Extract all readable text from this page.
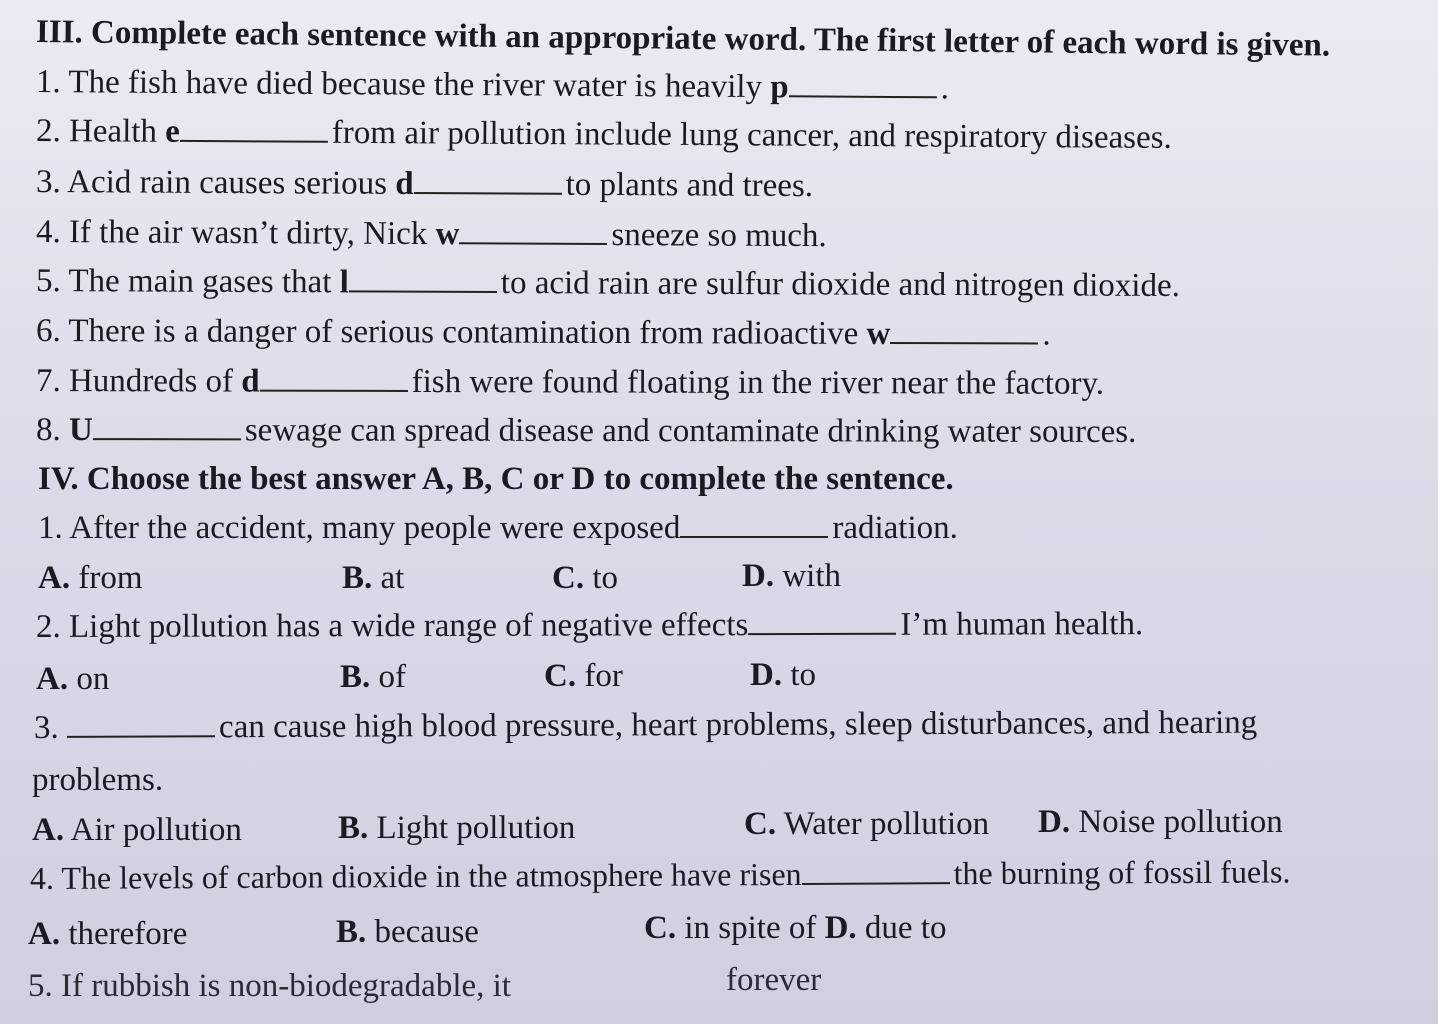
III. Complete each sentence with an appropriate word. The first letter of each word is given.
1. The fish have died because the river water is heavily p	.
2. Health e	from air pollution include lung cancer, and respiratory diseases.
3. Acid rain causes serious d	to plants and trees.
4. If the air wasn’t dirty, Nick w	sneeze so much.
5. The main gases that l	to acid rain are sulfur dioxide and nitrogen dioxide.
6. There is a danger of serious contamination from radioactive w	.
7. Hundreds of d	fish were found floating in the river near the factory.
8. U	sewage can spread disease and contaminate drinking water sources.
IV. Choose the best answer A, B, C or D to complete the sentence.
1. After the accident, many people were exposed	radiation.
A. from	B. at	C. to	D. with
2. Light pollution has a wide range of negative effects	I’m human health.
A. on	B. of	C. for	D. to
3.	can cause high blood pressure, heart problems, sleep disturbances, and hearing
problems.
A. Air pollution	B. Light pollution	C. Water pollution D. Noise pollution
4. The levels of carbon dioxide in the atmosphere have risen	the burning of fossil fuels.
A. therefore	B. because	C. in spite of D. due to
5. If rubbish is non-biodegradable, it	forever
